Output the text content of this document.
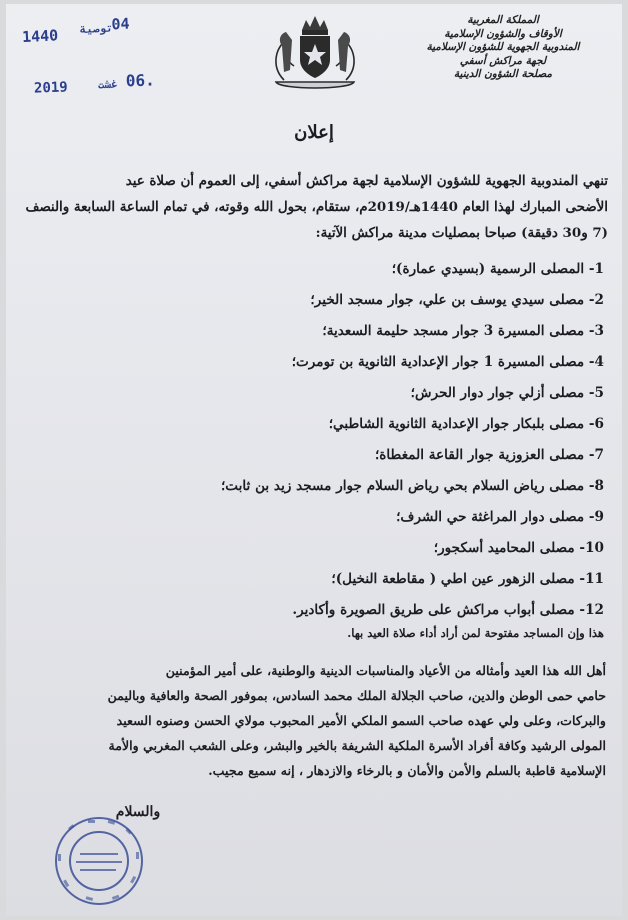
1440 توصية
04
2019	غشت 06.
المملكة المغربية
الأوقاف والشؤون الإسلامية
المندوبية الجهوية للشؤون الإسلامية
لجهة مراكش أسفي
مصلحة الشؤون الدينية
إعلان
تنهي المندوبية الجهوية للشؤون الإسلامية لجهة مراكش أسفي، إلى العموم أن صلاة عيد
الأضحى المبارك لهذا العام 1440هـ/2019م، ستقام، بحول الله وقوته، في تمام الساعة السابعة والنصف
(7 و30 دقيقة) صباحا بمصليات مدينة مراكش الآتية:
1- المصلى الرسمية (بسيدي عمارة)؛
2- مصلى سيدي يوسف بن علي، جوار مسجد الخير؛
3- مصلى المسيرة 3 جوار مسجد حليمة السعدية؛
4- مصلى المسيرة 1 جوار الإعدادية الثانوية بن تومرت؛
5- مصلى أزلي جوار دوار الحرش؛
6- مصلى بلبكار جوار الإعدادية الثانوية الشاطبي؛
7- مصلى العزوزية جوار القاعة المغطاة؛
8- مصلى رياض السلام بحي رياض السلام جوار مسجد زيد بن ثابت؛
9- مصلى دوار المراغثة حي الشرف؛
10- مصلى المحاميد أسكجور؛
11- مصلى الزهور عين اطي ( مقاطعة النخيل)؛
12- مصلى أبواب مراكش على طريق الصويرة وأكادير.
هذا وإن المساجد مفتوحة لمن أراد أداء صلاة العيد بها.
أهل الله هذا العيد وأمثاله من الأعياد والمناسبات الدينية والوطنية، على أمير المؤمنين
حامي حمى الوطن والدين، صاحب الجلالة الملك محمد السادس، بموفور الصحة والعافية وباليمن
والبركات، وعلى ولي عهده صاحب السمو الملكي الأمير المحبوب مولاي الحسن وصنوه السعيد
المولى الرشيد وكافة أفراد الأسرة الملكية الشريفة بالخير والبشر، وعلى الشعب المغربي والأمة
الإسلامية قاطبة بالسلم والأمن والأمان و بالرخاء والازدهار ، إنه سميع مجيب.
والسلام
